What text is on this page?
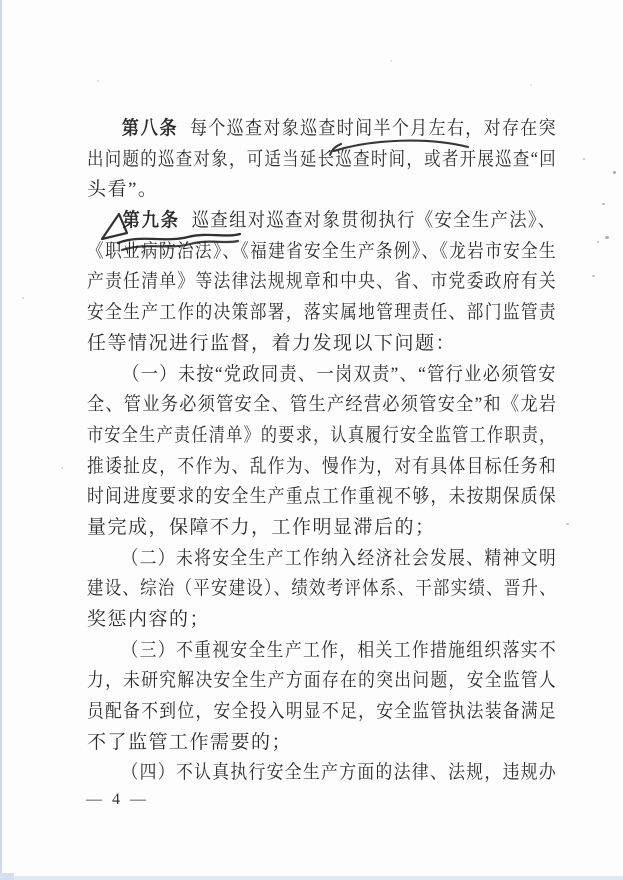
第八条 每个巡查对象巡查时间半个月左右，对存在突
出问题的巡查对象，可适当延长巡查时间，或者开展巡查“回
头看”。
第九条 巡查组对巡查对象贯彻执行《安全生产法》、
《职业病防治法》、《福建省安全生产条例》、《龙岩市安全生
产责任清单》等法律法规规章和中央、省、市党委政府有关
安全生产工作的决策部署，落实属地管理责任、部门监管责
任等情况进行监督，着力发现以下问题：
（一）未按“党政同责、一岗双责”、“管行业必须管安
全、管业务必须管安全、管生产经营必须管安全”和《龙岩
市安全生产责任清单》的要求，认真履行安全监管工作职责，
推诿扯皮，不作为、乱作为、慢作为，对有具体目标任务和
时间进度要求的安全生产重点工作重视不够，未按期保质保
量完成，保障不力，工作明显滞后的；
（二）未将安全生产工作纳入经济社会发展、精神文明
建设、综治（平安建设）、绩效考评体系、干部实绩、晋升、
奖惩内容的；
（三）不重视安全生产工作，相关工作措施组织落实不
力，未研究解决安全生产方面存在的突出问题，安全监管人
员配备不到位，安全投入明显不足，安全监管执法装备满足
不了监管工作需要的；
（四）不认真执行安全生产方面的法律、法规，违规办
— 4 —
